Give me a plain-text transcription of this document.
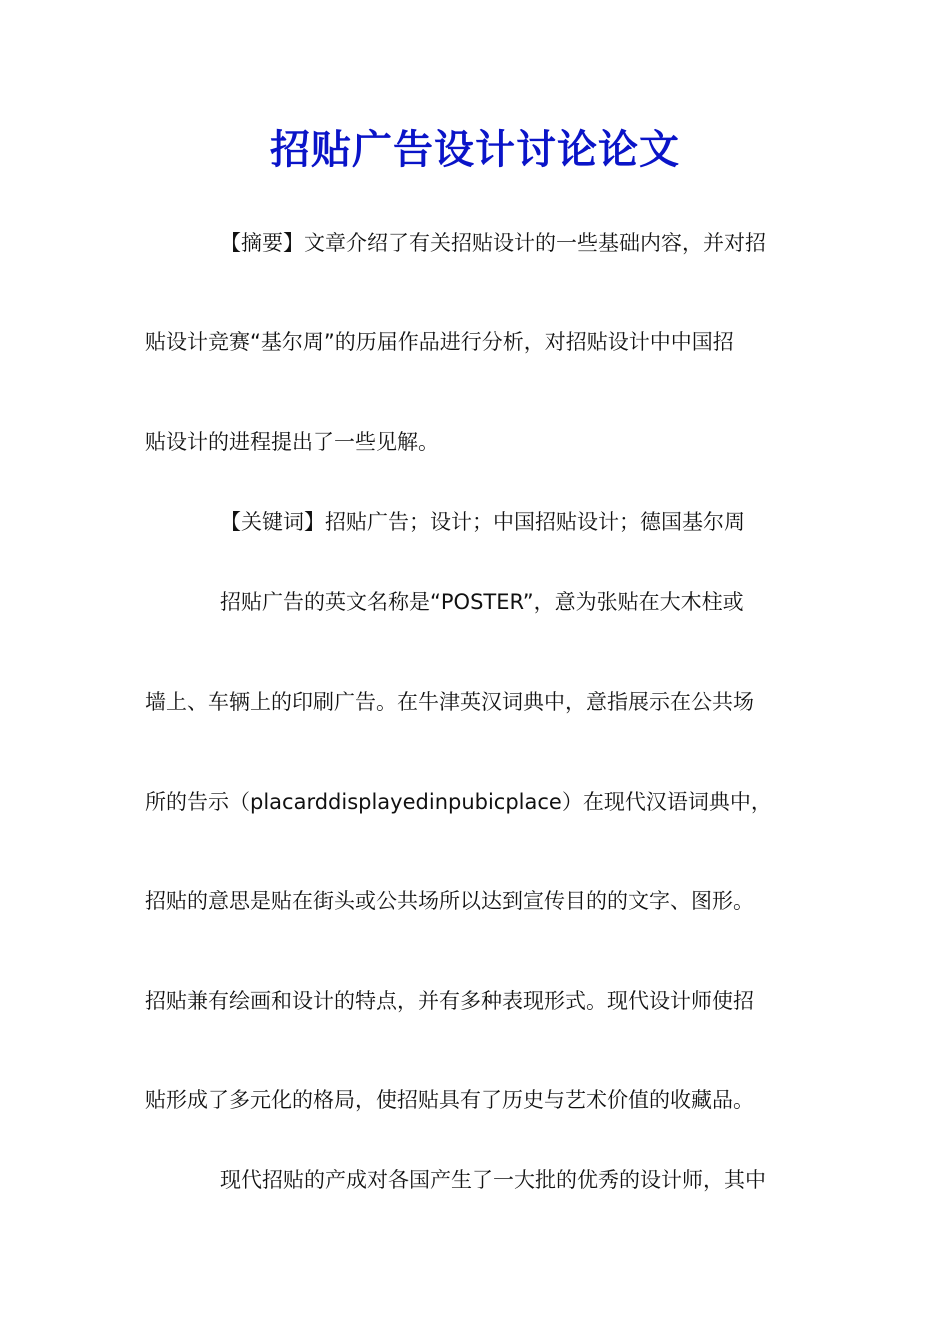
招贴广告设计讨论论文
【摘要】文章介绍了有关招贴设计的一些基础内容，并对招
贴设计竞赛“基尔周”的历届作品进行分析，对招贴设计中中国招
贴设计的进程提出了一些见解。
【关键词】招贴广告；设计；中国招贴设计；德国基尔周
招贴广告的英文名称是“POSTER”，意为张贴在大木柱或
墙上、车辆上的印刷广告。在牛津英汉词典中，意指展示在公共场
所的告示（placarddisplayedinpubicplace）在现代汉语词典中，
招贴的意思是贴在街头或公共场所以达到宣传目的的文字、图形。
招贴兼有绘画和设计的特点，并有多种表现形式。现代设计师使招
贴形成了多元化的格局，使招贴具有了历史与艺术价值的收藏品。
现代招贴的产成对各国产生了一大批的优秀的设计师，其中
